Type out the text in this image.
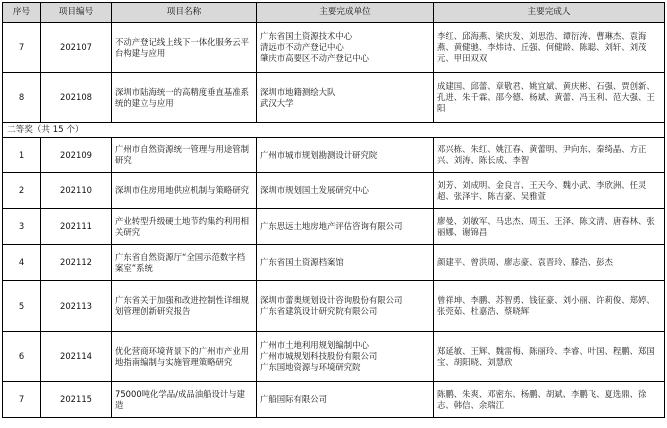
序号	项目编号	项目名称	主要完成单位	主要完成人
7	202107	不动产登记线上线下一体化服务云平台构建与应用	广东省国土资源技术中心
清远市不动产登记中心
肇庆市高要区不动产登记中心	李红、邱海燕、梁庆发、刘思浩、谭衍涛、曹琳杰、袁海燕、黄健驰、李炜诗、丘强、何健龄、陈聪、刘轩、刘茂元、甲田双双
8	202108	深圳市陆海统一的高精度垂直基准系统的建立与应用	深圳市地籍测绘大队
武汉大学	成建国、邱蕾、章敬君、姚宜斌、黄庆彬、石强、贾创新、孔进、朱千霖、邵今德、杨斌、黄蕾、冯玉利、范大强、王阳
二等奖（共 15 个）				
1	202109	广州市自然资源统一管理与用途管制研究	广州市城市规划勘测设计研究院	邓兴栋、朱红、姚江春、黄蕾明、尹向东、秦绮晶、方正兴、刘涛、陈长成、李智
2	202110	深圳市住房用地供应机制与策略研究	深圳市规划国土发展研究中心	刘芳、刘成明、金良言、王天今、魏小武、李欣洲、任灵超、张泽宇、陈吉豪、吴雅萱
3	202111	产业转型升级硬土地节约集约利用相关研究	广东思远土地房地产评估咨询有限公司	廖曼、刘敏军、马忠杰、周玉、王泽、陈文清、唐春林、张丽娜、谢锦昌
4	202112	广东省自然资源厅“全国示范数字档案室”系统	广东省国土资源档案馆	颜建平、曾洪周、廖志豪、袁晋玲、滕浩、彭杰
5	202113	广东省关于加强和改进控制性详细规划管理创新研究报告	深圳市蕾奥规划设计咨询股份有限公司
广东省建筑设计研究院有限公司	曾祥坤、李鹏、苏智勇、钱征豪、刘小丽、许莉俊、郑婷、张莞茹、杜嘉浩、蔡晓辉
6	202114	优化营商环境背景下的广州市产业用地指南编制与实施管理策略研究	广州市土地利用规划编制中心
广州市城规划科技股份有限公司
广东国地资源与环境研究院	郑延敏、王辉、魏雷梅、陈丽玲、李睿、叶国、程鹏、郑国宝、胡阳晓、刘慧欣
7	202115	75000吨化学品/成品油船设计与建造	广船国际有限公司	陈鹏、朱爽、邓密东、杨鹏、胡斌、李鹏飞、夏选鼎、徐志、韩信、余瑞江
